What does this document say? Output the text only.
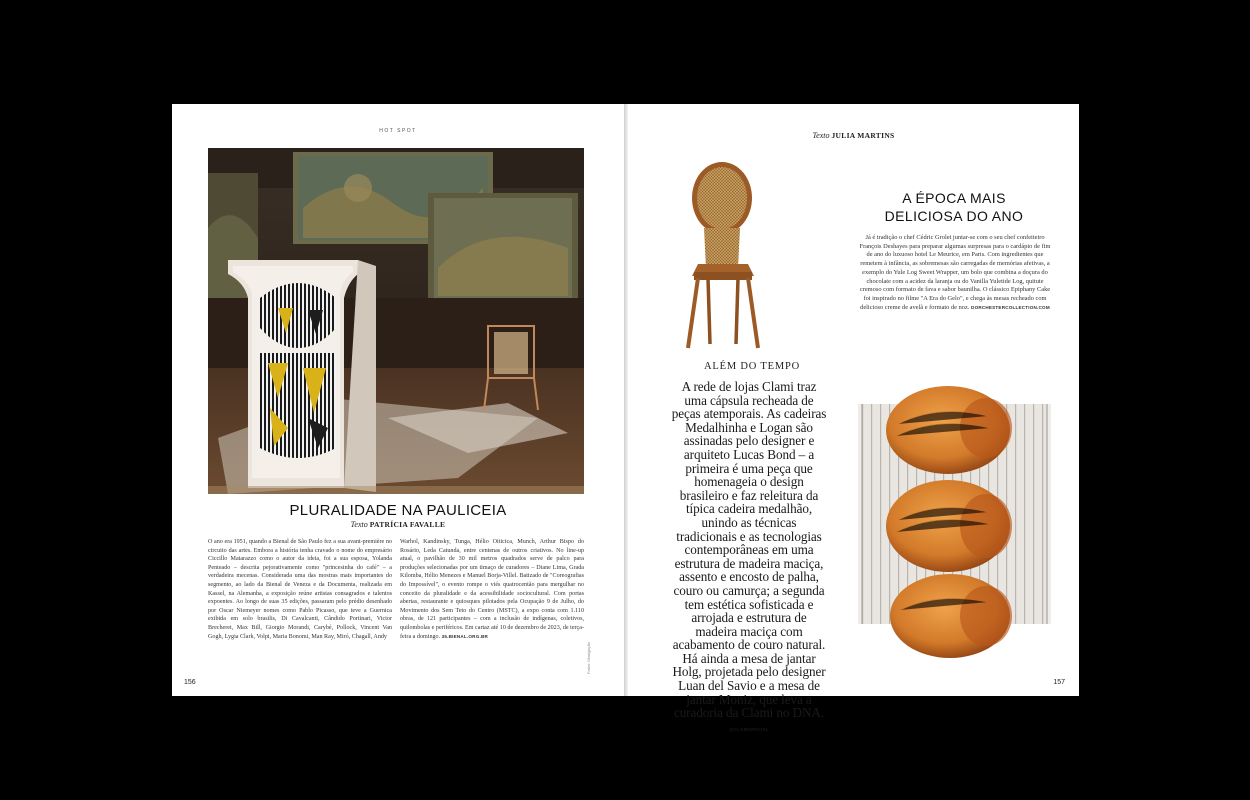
HOT SPOT
PLURALIDADE NA PAULICEIA
Texto PATRÍCIA FAVALLE
O ano era 1951, quando a Bienal de São Paulo fez a sua avant-première no circuito das artes. Embora a história tenha cravado o nome do empresário Ciccillo Matarazzo como o autor da ideia, foi a sua esposa, Yolanda Penteado – descrita pejorativamente como "princesinha do café" – a verdadeira mecenas. Considerada uma das mostras mais importantes do segmento, ao lado da Bienal de Veneza e da Documenta, realizada em Kassel, na Alemanha, a exposição reúne artistas consagrados e talentos expoentes. Ao longo de suas 35 edições, passaram pelo prédio desenhado por Oscar Niemeyer nomes como Pablo Picasso, que teve a Guernica exibida em solo brasilis, Di Cavalcanti, Cândido Portinari, Victor Brecheret, Max Bill, Giorgio Morandi, Carybé, Pollock, Vincent Van Gogh, Lygia Clark, Volpi, Maria Bonomi, Man Ray, Miró, Chagall, Andy
Warhol, Kandinsky, Tunga, Hélio Oiticica, Munch, Arthur Bispo do Rosário, Leda Catunda, entre centenas de outros criativos. No line-up atual, o pavilhão de 30 mil metros quadrados serve de palco para produções selecionadas por um timaço de curadores – Diane Lima, Grada Kilomba, Hélio Menezes e Manuel Borja-Villel. Batizado de "Coreografias do Impossível", o evento rompe o viés quatrocentão para mergulhar no conceito da pluralidade e da acessibilidade sociocultural. Com portas abertas, restaurante e quiosques pilotados pela Ocupação 9 de Julho, do Movimento dos Sem Teto do Centro (MSTC), a expo conta com 1.110 obras, de 121 participantes – com a inclusão de indígenas, coletivos, quilombolas e periféricos. Em cartaz até 10 de dezembro de 2023, de terça-feira a domingo. 35.BIENAL.ORG.BR
Fotos: Divulgação
156
Texto JULIA MARTINS
A ÉPOCA MAIS
DELICIOSA DO ANO
Já é tradição o chef Cédric Grolet juntar-se com o seu chef confeiteiro François Deshayes para preparar algumas surpresas para o cardápio de fim de ano do luxuoso hotel Le Meurice, em Paris. Com ingredientes que remetem à infância, as sobremesas são carregadas de memórias afetivas, a exemplo do Yule Log Sweet Wrapper, um bolo que combina a doçura do chocolate com a acidez da laranja ou do Vanilla Yuletide Log, quitute cremoso com formato de fava e sabor baunilha. O clássico Epiphany Cake foi inspirado no filme "A Era do Gelo", e chega às mesas recheado com delicioso creme de avelã e formato de noz. DORCHESTERCOLLECTION.COM
ALÉM DO TEMPO
A rede de lojas Clami traz uma cápsula recheada de peças atemporais. As cadeiras Medalhinha e Logan são assinadas pelo designer e arquiteto Lucas Bond – a primeira é uma peça que homenageia o design brasileiro e faz releitura da típica cadeira medalhão, unindo as técnicas tradicionais e as tecnologias contemporâneas em uma estrutura de madeira maciça, assento e encosto de palha, couro ou camurça; a segunda tem estética sofisticada e arrojada e estrutura de madeira maciça com acabamento de couro natural. Há ainda a mesa de jantar Holg, projetada pelo designer Luan del Savio e a mesa de jantar Moniz, que leva a curadoria da Clami no DNA. @CLAMIOFICIAL
157
